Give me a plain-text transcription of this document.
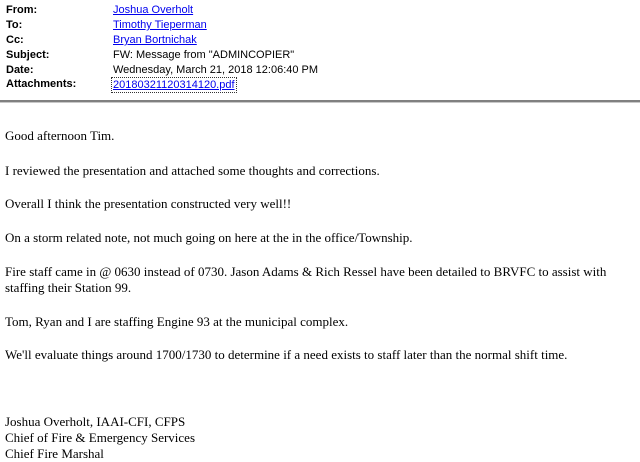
From:	Joshua Overholt
To:	Timothy Tieperman
Cc:	Bryan Bortnichak
Subject:	FW: Message from "ADMINCOPIER"
Date:	Wednesday, March 21, 2018 12:06:40 PM
Attachments:	20180321120314120.pdf
Good afternoon Tim.
I reviewed the presentation and attached some thoughts and corrections.
Overall I think the presentation constructed very well!!
On a storm related note, not much going on here at the in the office/Township.
Fire staff came in @ 0630 instead of 0730. Jason Adams & Rich Ressel have been detailed to BRVFC to assist with
staffing their Station 99.
Tom, Ryan and I are staffing Engine 93 at the municipal complex.
We'll evaluate things around 1700/1730 to determine if a need exists to staff later than the normal shift time.
Joshua Overholt, IAAI-CFI, CFPS
Chief of Fire & Emergency Services
Chief Fire Marshal
